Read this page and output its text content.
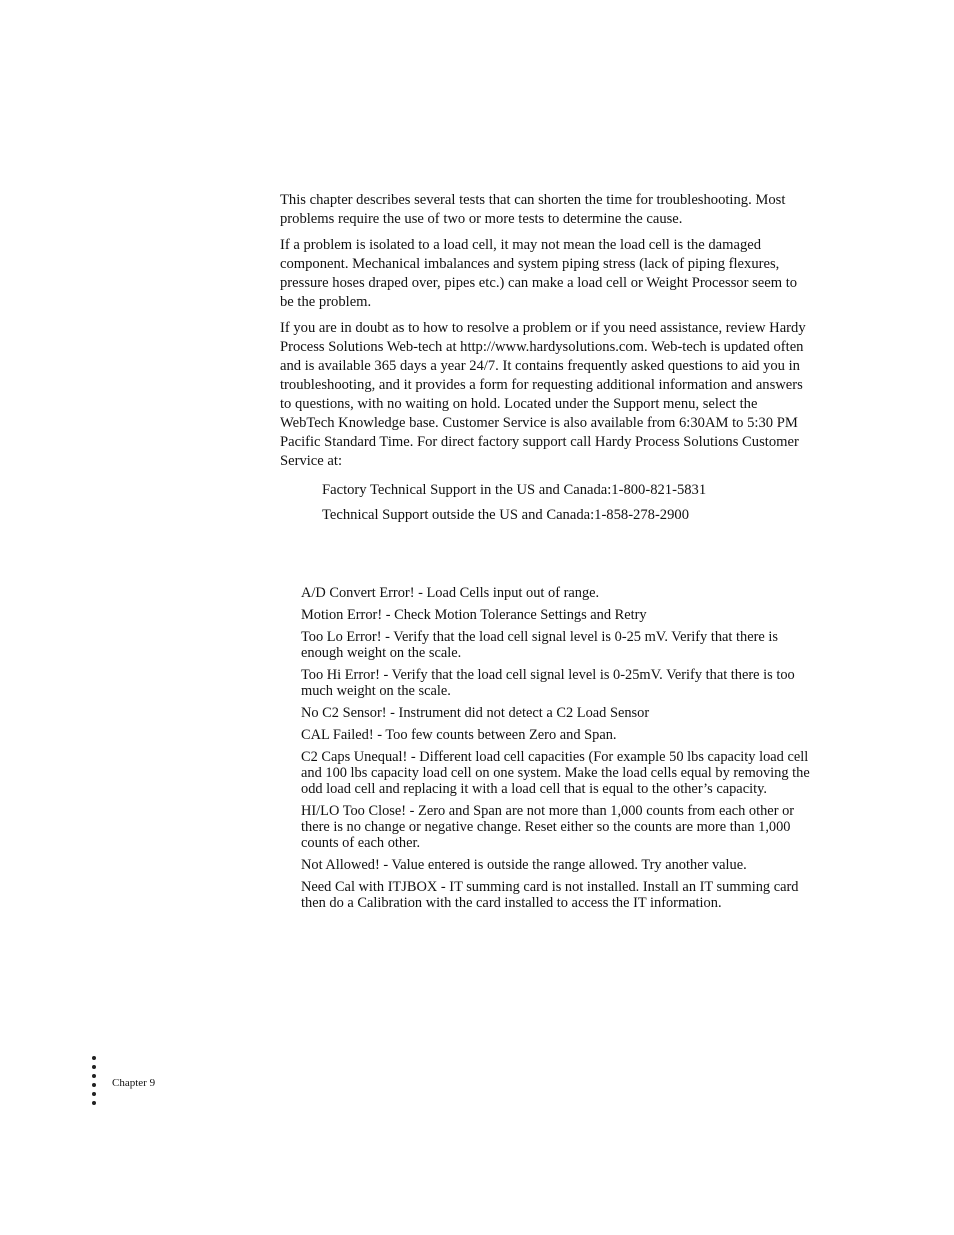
This chapter describes several tests that can shorten the time for troubleshooting. Most problems require the use of two or more tests to determine the cause.

If a problem is isolated to a load cell, it may not mean the load cell is the damaged component. Mechanical imbalances and system piping stress (lack of piping flexures, pressure hoses draped over, pipes etc.) can make a load cell or Weight Processor seem to be the problem.

If you are in doubt as to how to resolve a problem or if you need assistance, review Hardy Process Solutions Web-tech at http://www.hardysolutions.com. Web-tech is updated often and is available 365 days a year 24/7. It contains frequently asked questions to aid you in troubleshooting, and it provides a form for requesting additional information and answers to questions, with no waiting on hold. Located under the Support menu, select the WebTech Knowledge base. Customer Service is also available from 6:30AM to 5:30 PM Pacific Standard Time. For direct factory support call Hardy Process Solutions Customer Service at:

Factory Technical Support in the US and Canada:1-800-821-5831
Technical Support outside the US and Canada:1-858-278-2900
A/D Convert Error! - Load Cells input out of range.
Motion Error! - Check Motion Tolerance Settings and Retry
Too Lo Error! - Verify that the load cell signal level is 0-25 mV. Verify that there is enough weight on the scale.
Too Hi Error! - Verify that the load cell signal level is 0-25mV. Verify that there is too much weight on the scale.
No C2 Sensor! - Instrument did not detect a C2 Load Sensor
CAL Failed! - Too few counts between Zero and Span.
C2 Caps Unequal! - Different load cell capacities (For example 50 lbs capacity load cell and 100 lbs capacity load cell on one system. Make the load cells equal by removing the odd load cell and replacing it with a load cell that is equal to the other’s capacity.
HI/LO Too Close! - Zero and Span are not more than 1,000 counts from each other or there is no change or negative change. Reset either so the counts are more than 1,000 counts of each other.
Not Allowed! - Value entered is outside the range allowed. Try another value.
Need Cal with ITJBOX - IT summing card is not installed. Install an IT summing card then do a Calibration with the card installed to access the IT information.
Chapter 9
